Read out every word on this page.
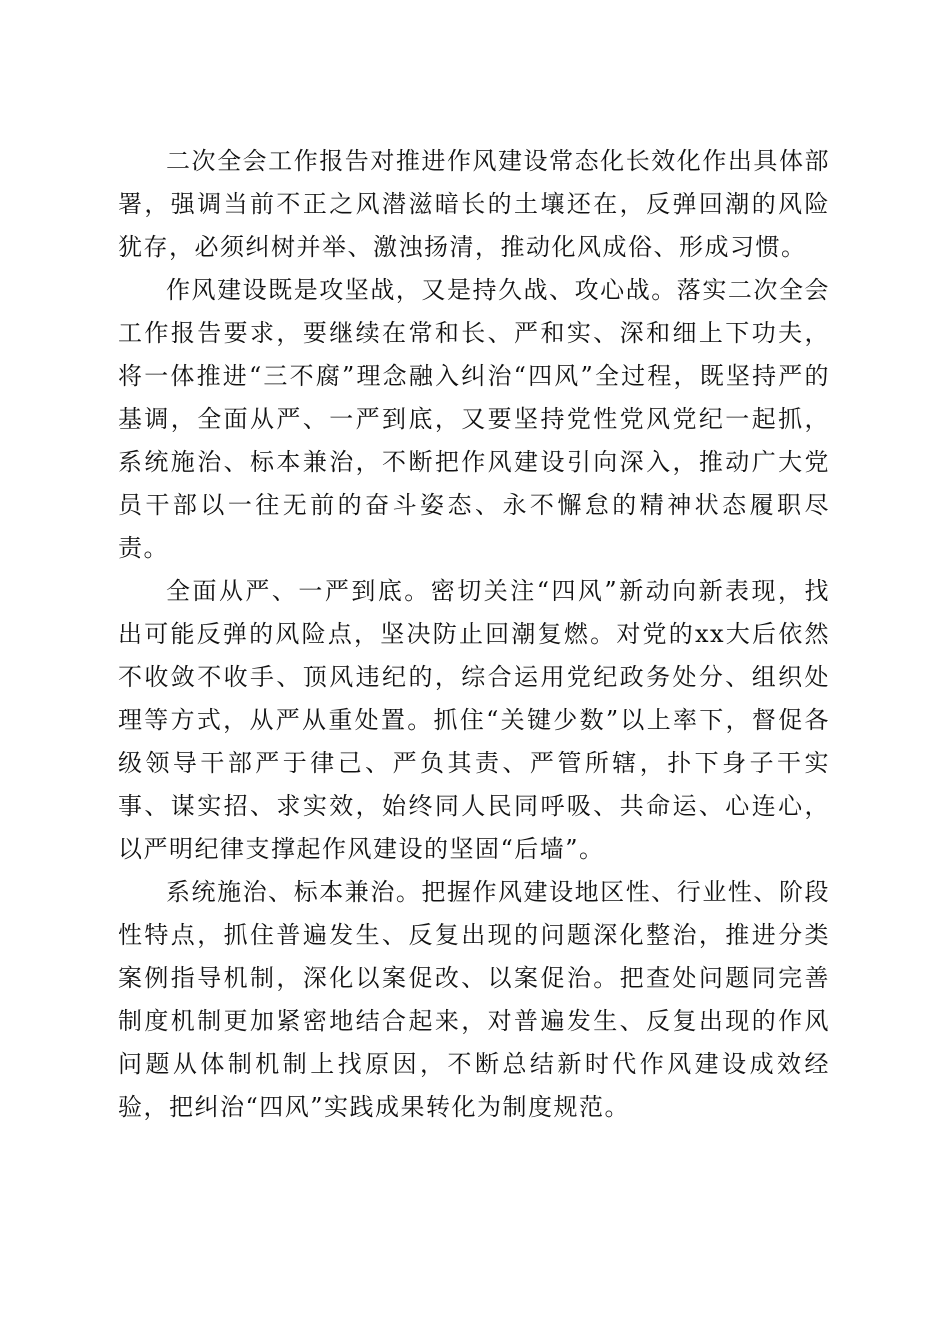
二次全会工作报告对推进作风建设常态化长效化作出具体部署，强调当前不正之风潜滋暗长的土壤还在，反弹回潮的风险犹存，必须纠树并举、激浊扬清，推动化风成俗、形成习惯。

作风建设既是攻坚战，又是持久战、攻心战。落实二次全会工作报告要求，要继续在常和长、严和实、深和细上下功夫，将一体推进“三不腐”理念融入纠治“四风”全过程，既坚持严的基调，全面从严、一严到底，又要坚持党性党风党纪一起抓，系统施治、标本兼治，不断把作风建设引向深入，推动广大党员干部以一往无前的奋斗姿态、永不懈怠的精神状态履职尽责。

全面从严、一严到底。密切关注“四风”新动向新表现，找出可能反弹的风险点，坚决防止回潮复燃。对党的xx大后依然不收敛不收手、顶风违纪的，综合运用党纪政务处分、组织处理等方式，从严从重处置。抓住“关键少数”以上率下，督促各级领导干部严于律己、严负其责、严管所辖，扑下身子干实事、谋实招、求实效，始终同人民同呼吸、共命运、心连心，以严明纪律支撑起作风建设的坚固“后墙”。

系统施治、标本兼治。把握作风建设地区性、行业性、阶段性特点，抓住普遍发生、反复出现的问题深化整治，推进分类案例指导机制，深化以案促改、以案促治。把查处问题同完善制度机制更加紧密地结合起来，对普遍发生、反复出现的作风问题从体制机制上找原因，不断总结新时代作风建设成效经验，把纠治“四风”实践成果转化为制度规范。
